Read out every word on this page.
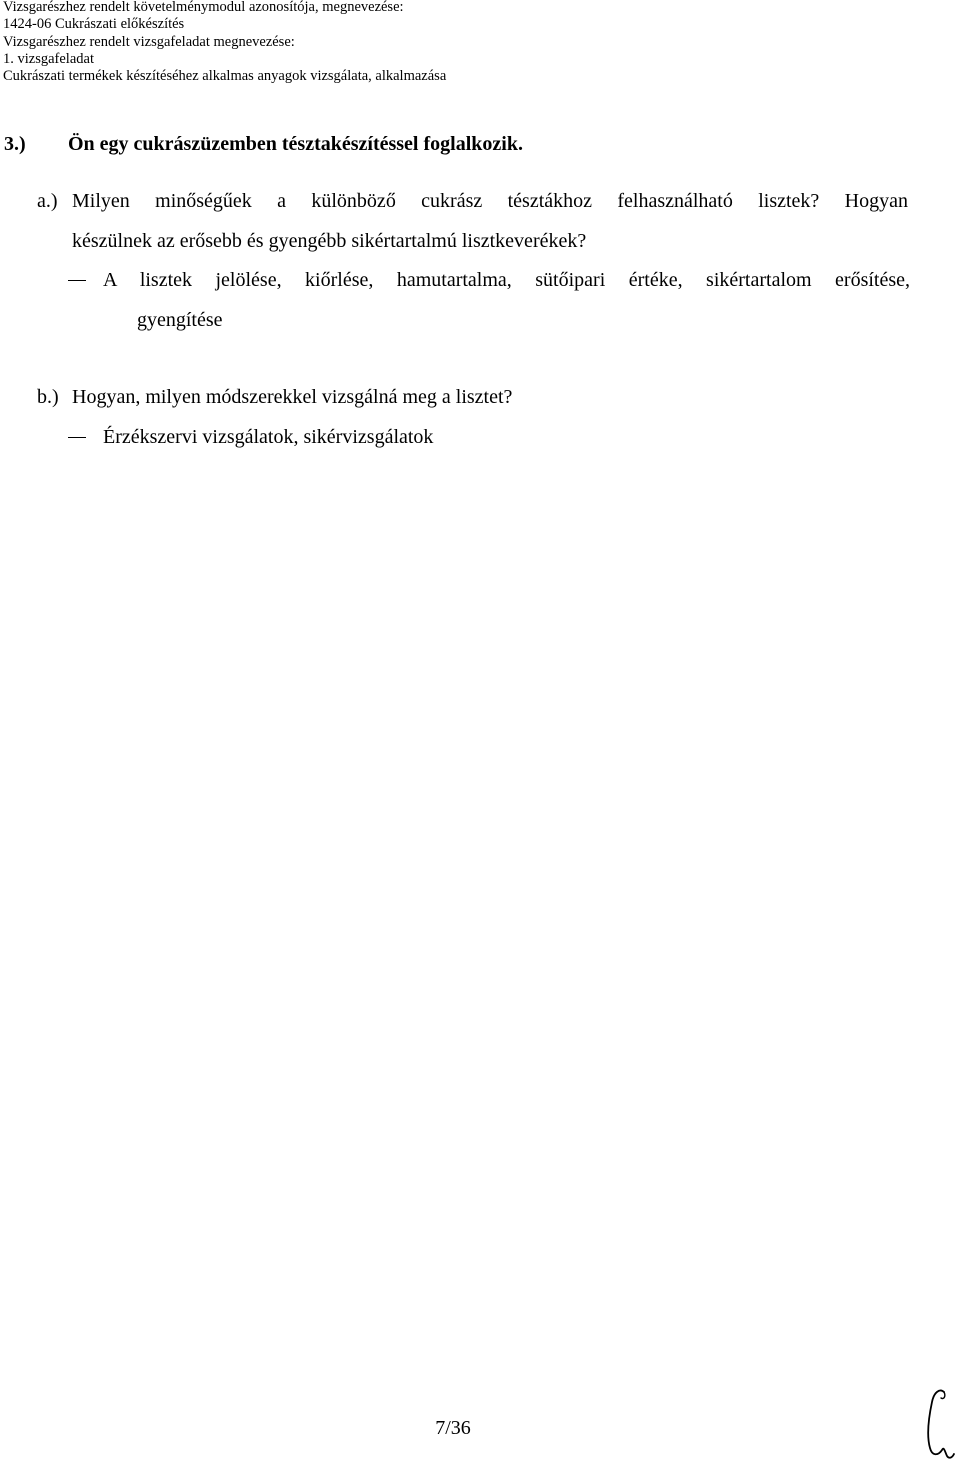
Vizsgarészhez rendelt követelménymodul azonosítója, megnevezése:
1424-06 Cukrászati előkészítés
Vizsgarészhez rendelt vizsgafeladat megnevezése:
1. vizsgafeladat
Cukrászati termékek készítéséhez alkalmas anyagok vizsgálata, alkalmazása
3.) Ön egy cukrászüzemben tésztakészítéssel foglalkozik.
a.) Milyen minőségűek a különböző cukrász tésztákhoz felhasználható lisztek? Hogyan
készülnek az erősebb és gyengébb sikértartalmú lisztkeverékek?
A lisztek jelölése, kiőrlése, hamutartalma, sütőipari értéke, sikértartalom erősítése,
gyengítése
b.) Hogyan, milyen módszerekkel vizsgálná meg a lisztet?
Érzékszervi vizsgálatok, sikérvizsgálatok
7/36
